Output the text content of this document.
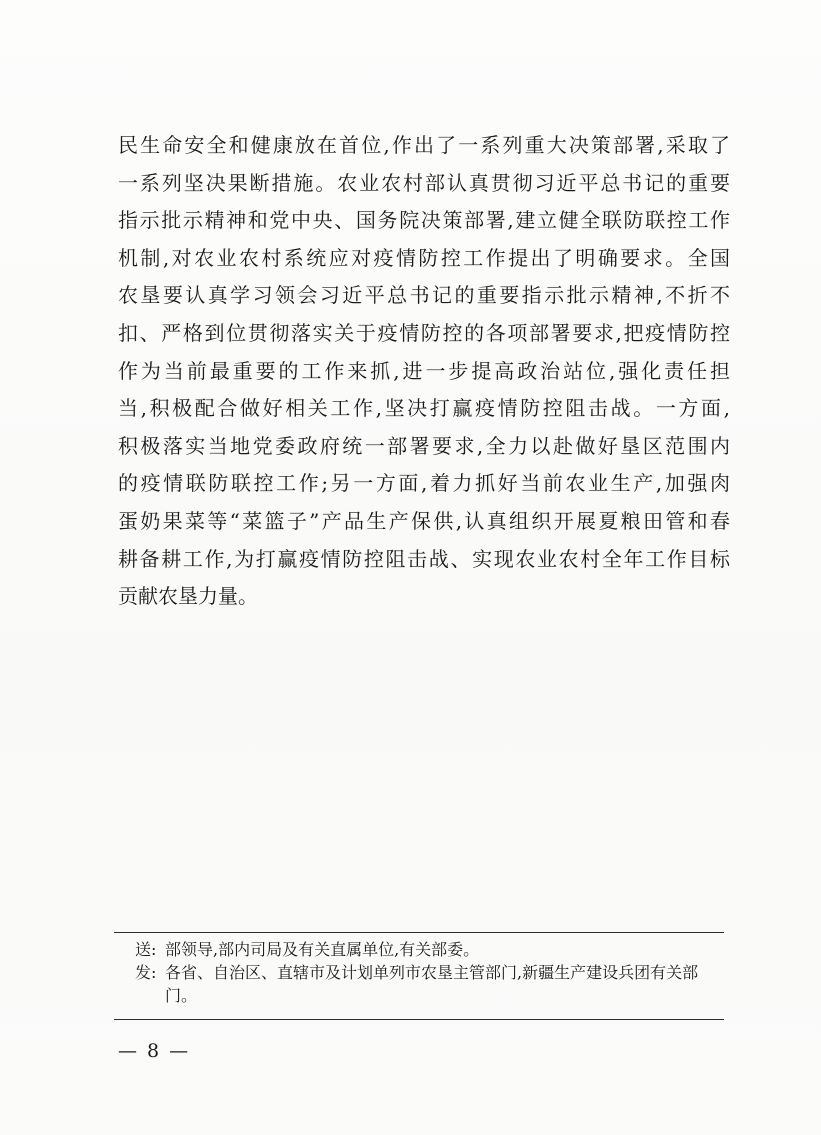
民生命安全和健康放在首位,作出了一系列重大决策部署,采取了
一系列坚决果断措施。农业农村部认真贯彻习近平总书记的重要
指示批示精神和党中央、国务院决策部署,建立健全联防联控工作
机制,对农业农村系统应对疫情防控工作提出了明确要求。全国
农垦要认真学习领会习近平总书记的重要指示批示精神,不折不
扣、严格到位贯彻落实关于疫情防控的各项部署要求,把疫情防控
作为当前最重要的工作来抓,进一步提高政治站位,强化责任担
当,积极配合做好相关工作,坚决打赢疫情防控阻击战。一方面,
积极落实当地党委政府统一部署要求,全力以赴做好垦区范围内
的疫情联防联控工作;另一方面,着力抓好当前农业生产,加强肉
蛋奶果菜等“菜篮子”产品生产保供,认真组织开展夏粮田管和春
耕备耕工作,为打赢疫情防控阻击战、实现农业农村全年工作目标
贡献农垦力量。
送: 部领导,部内司局及有关直属单位,有关部委。
发: 各省、自治区、直辖市及计划单列市农垦主管部门,新疆生产建设兵团有关部门。
— 8 —
